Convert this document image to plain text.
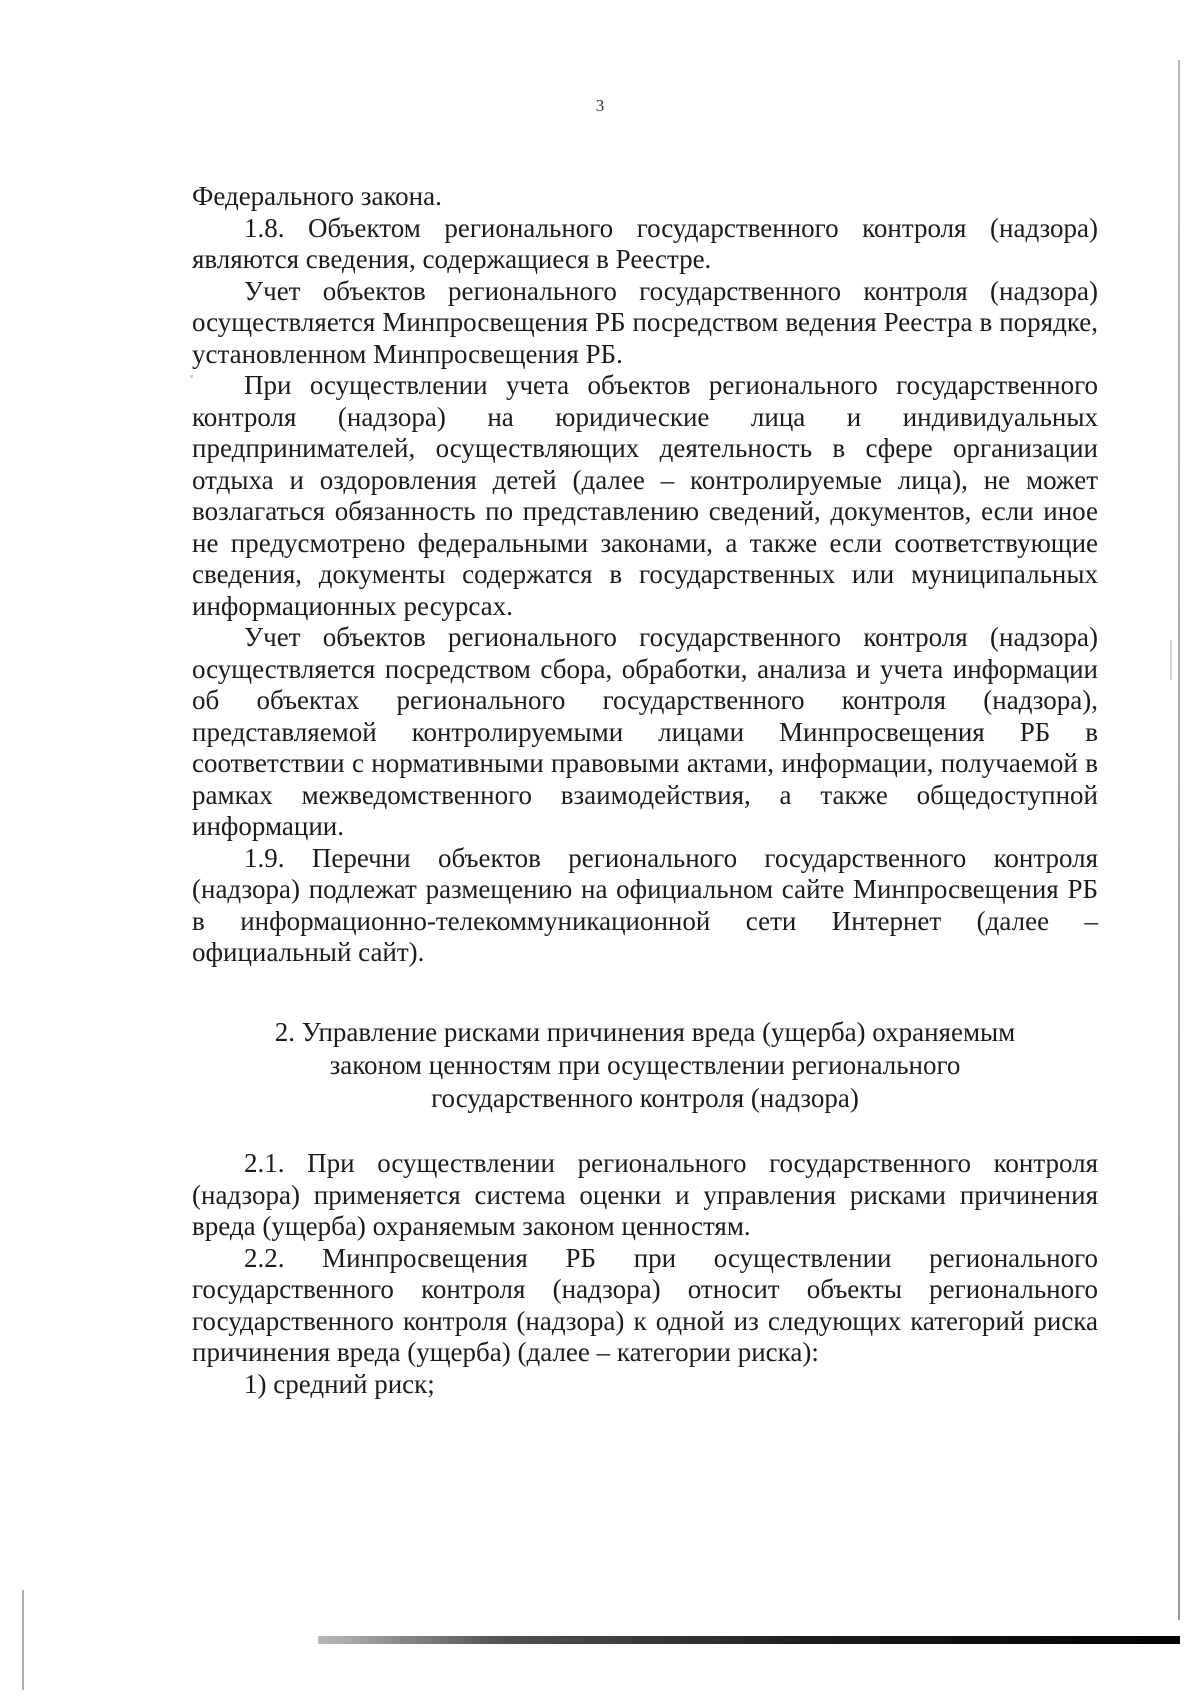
3

Федерального закона.

1.8. Объектом регионального государственного контроля (надзора) являются сведения, содержащиеся в Реестре.

Учет объектов регионального государственного контроля (надзора) осуществляется Минпросвещения РБ посредством ведения Реестра в порядке, установленном Минпросвещения РБ.

При осуществлении учета объектов регионального государственного контроля (надзора) на юридические лица и индивидуальных предпринимателей, осуществляющих деятельность в сфере организации отдыха и оздоровления детей (далее – контролируемые лица), не может возлагаться обязанность по представлению сведений, документов, если иное не предусмотрено федеральными законами, а также если соответствующие сведения, документы содержатся в государственных или муниципальных информационных ресурсах.

Учет объектов регионального государственного контроля (надзора) осуществляется посредством сбора, обработки, анализа и учета информации об объектах регионального государственного контроля (надзора), представляемой контролируемыми лицами Минпросвещения РБ в соответствии с нормативными правовыми актами, информации, получаемой в рамках межведомственного взаимодействия, а также общедоступной информации.

1.9. Перечни объектов регионального государственного контроля (надзора) подлежат размещению на официальном сайте Минпросвещения РБ в информационно-телекоммуникационной сети Интернет (далее – официальный сайт).

2. Управление рисками причинения вреда (ущерба) охраняемым
законом ценностям при осуществлении регионального
государственного контроля (надзора)

2.1. При осуществлении регионального государственного контроля (надзора) применяется система оценки и управления рисками причинения вреда (ущерба) охраняемым законом ценностям.

2.2. Минпросвещения РБ при осуществлении регионального государственного контроля (надзора) относит объекты регионального государственного контроля (надзора) к одной из следующих категорий риска причинения вреда (ущерба) (далее – категории риска):

1) средний риск;
